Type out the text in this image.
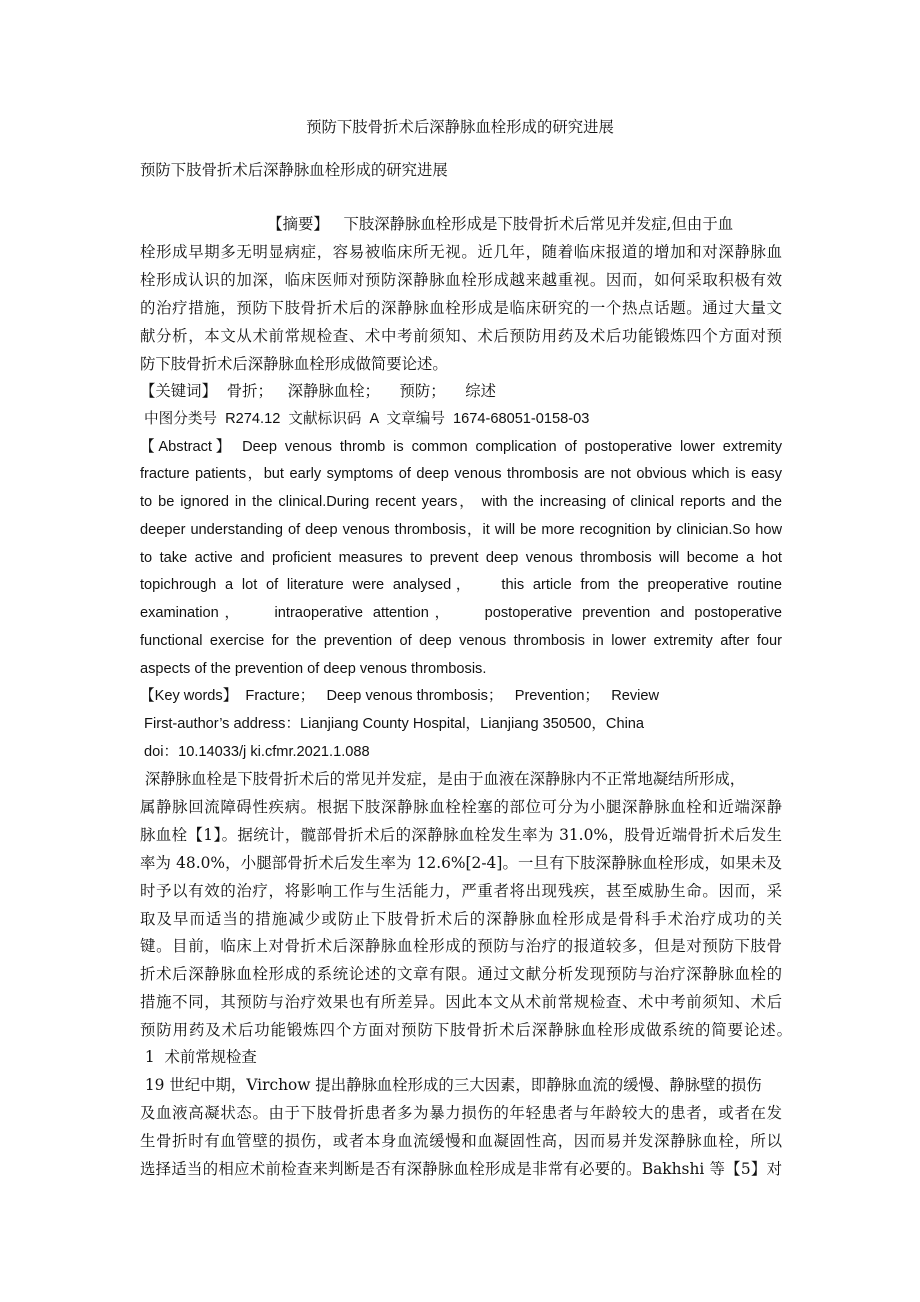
预防下肢骨折术后深静脉血栓形成的研究进展
预防下肢骨折术后深静脉血栓形成的研究进展
【摘要】   下肢深静脉血栓形成是下肢骨折术后常见并发症,但由于血
栓形成早期多无明显病症，容易被临床所无视。近几年，随着临床报道的增加和对深静脉血
栓形成认识的加深，临床医师对预防深静脉血栓形成越来越重视。因而，如何采取积极有效
的治疗措施，预防下肢骨折术后的深静脉血栓形成是临床研究的一个热点话题。通过大量文
献分析，本文从术前常规检查、术中考前须知、术后预防用药及术后功能锻炼四个方面对预
防下肢骨折术后深静脉血栓形成做简要论述。
【关键词】  骨折；   深静脉血栓；    预防；    综述
中图分类号  R274.12  文献标识码  A  文章编号  1674-68051-0158-03
【Abstract】 Deep venous thromb is common complication of postoperative lower extremity
fracture patients，but early symptoms of deep venous thrombosis are not obvious which is easy
to be ignored in the clinical.During recent years， with the increasing of clinical reports and the
deeper understanding of deep venous thrombosis，it will be more recognition by clinician.So how
to take active and proficient measures to prevent deep venous thrombosis will become a hot
topichrough a lot of literature were analysed，   this article from the preoperative routine
examination，   intraoperative attention，   postoperative prevention and postoperative
functional exercise for the prevention of deep venous thrombosis in lower extremity after four
aspects of the prevention of deep venous thrombosis.
【Key words】  Fracture；   Deep venous thrombosis；   Prevention；   Review
First-author’s address：Lianjiang County Hospital，Lianjiang 350500，China
doi：10.14033/j ki.cfmr.2021.1.088
深静脉血栓是下肢骨折术后的常见并发症，是由于血液在深静脉内不正常地凝结所形成，
属静脉回流障碍性疾病。根据下肢深静脉血栓栓塞的部位可分为小腿深静脉血栓和近端深静
脉血栓【1】。据统计，髋部骨折术后的深静脉血栓发生率为 31.0%，股骨近端骨折术后发生
率为 48.0%，小腿部骨折术后发生率为 12.6%[2-4]。一旦有下肢深静脉血栓形成，如果未及
时予以有效的治疗，将影响工作与生活能力，严重者将出现残疾，甚至威胁生命。因而，采
取及早而适当的措施减少或防止下肢骨折术后的深静脉血栓形成是骨科手术治疗成功的关
键。目前，临床上对骨折术后深静脉血栓形成的预防与治疗的报道较多，但是对预防下肢骨
折术后深静脉血栓形成的系统论述的文章有限。通过文献分析发现预防与治疗深静脉血栓的
措施不同，其预防与治疗效果也有所差异。因此本文从术前常规检查、术中考前须知、术后
预防用药及术后功能锻炼四个方面对预防下肢骨折术后深静脉血栓形成做系统的简要论述。
1  术前常规检查
19 世纪中期，Virchow 提出静脉血栓形成的三大因素，即静脉血流的缓慢、静脉壁的损伤
及血液高凝状态。由于下肢骨折患者多为暴力损伤的年轻患者与年龄较大的患者，或者在发
生骨折时有血管壁的损伤，或者本身血流缓慢和血凝固性高，因而易并发深静脉血栓，所以
选择适当的相应术前检查来判断是否有深静脉血栓形成是非常有必要的。Bakhshi 等【5】对
